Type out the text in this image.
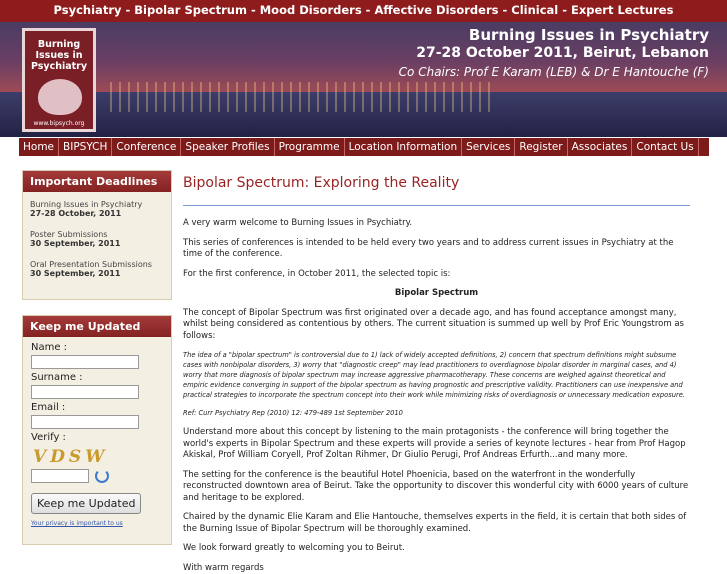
Psychiatry - Bipolar Spectrum - Mood Disorders - Affective Disorders - Clinical - Expert Lectures
Burning Issues in Psychiatry
www.bipsych.org
Burning Issues in Psychiatry
27-28 October 2011, Beirut, Lebanon
Co Chairs: Prof E Karam (LEB) & Dr E Hantouche (F)
Home BIPSYCH Conference Speaker Profiles Programme Location Information Services Register Associates Contact Us
Important Deadlines
Burning Issues in Psychiatry
27-28 October, 2011
Poster Submissions
30 September, 2011
Oral Presentation Submissions
30 September, 2011
Keep me Updated
Name :
Surname :
Email :
Verify :
VDSW
Keep me Updated
Your privacy is important to us
Bipolar Spectrum: Exploring the Reality

A very warm welcome to Burning Issues in Psychiatry.

This series of conferences is intended to be held every two years and to address current issues in Psychiatry at the time of the conference.

For the first conference, in October 2011, the selected topic is:

Bipolar Spectrum

The concept of Bipolar Spectrum was first originated over a decade ago, and has found acceptance amongst many, whilst being considered as contentious by others. The current situation is summed up well by Prof Eric Youngstrom as follows:

The idea of a "bipolar spectrum" is controversial due to 1) lack of widely accepted definitions, 2) concern that spectrum definitions might subsume cases with nonbipolar disorders, 3) worry that "diagnostic creep" may lead practitioners to overdiagnose bipolar disorder in marginal cases, and 4) worry that more diagnosis of bipolar spectrum may increase aggressive pharmacotherapy. These concerns are weighed against theoretical and empiric evidence converging in support of the bipolar spectrum as having prognostic and prescriptive validity. Practitioners can use inexpensive and practical strategies to incorporate the spectrum concept into their work while minimizing risks of overdiagnosis or unnecessary medication exposure.

Ref: Curr Psychiatry Rep (2010) 12: 479-489 1st September 2010

Understand more about this concept by listening to the main protagonists - the conference will bring together the world's experts in Bipolar Spectrum and these experts will provide a series of keynote lectures - hear from Prof Hagop Akiskal, Prof William Coryell, Prof Zoltan Rihmer, Dr Giulio Perugi, Prof Andreas Erfurth...and many more.

The setting for the conference is the beautiful Hotel Phoenicia, based on the waterfront in the wonderfully reconstructed downtown area of Beirut. Take the opportunity to discover this wonderful city with 6000 years of culture and heritage to be explored.

Chaired by the dynamic Elie Karam and Elie Hantouche, themselves experts in the field, it is certain that both sides of the Burning Issue of Bipolar Spectrum will be thoroughly examined.

We look forward greatly to welcoming you to Beirut.

With warm regards
